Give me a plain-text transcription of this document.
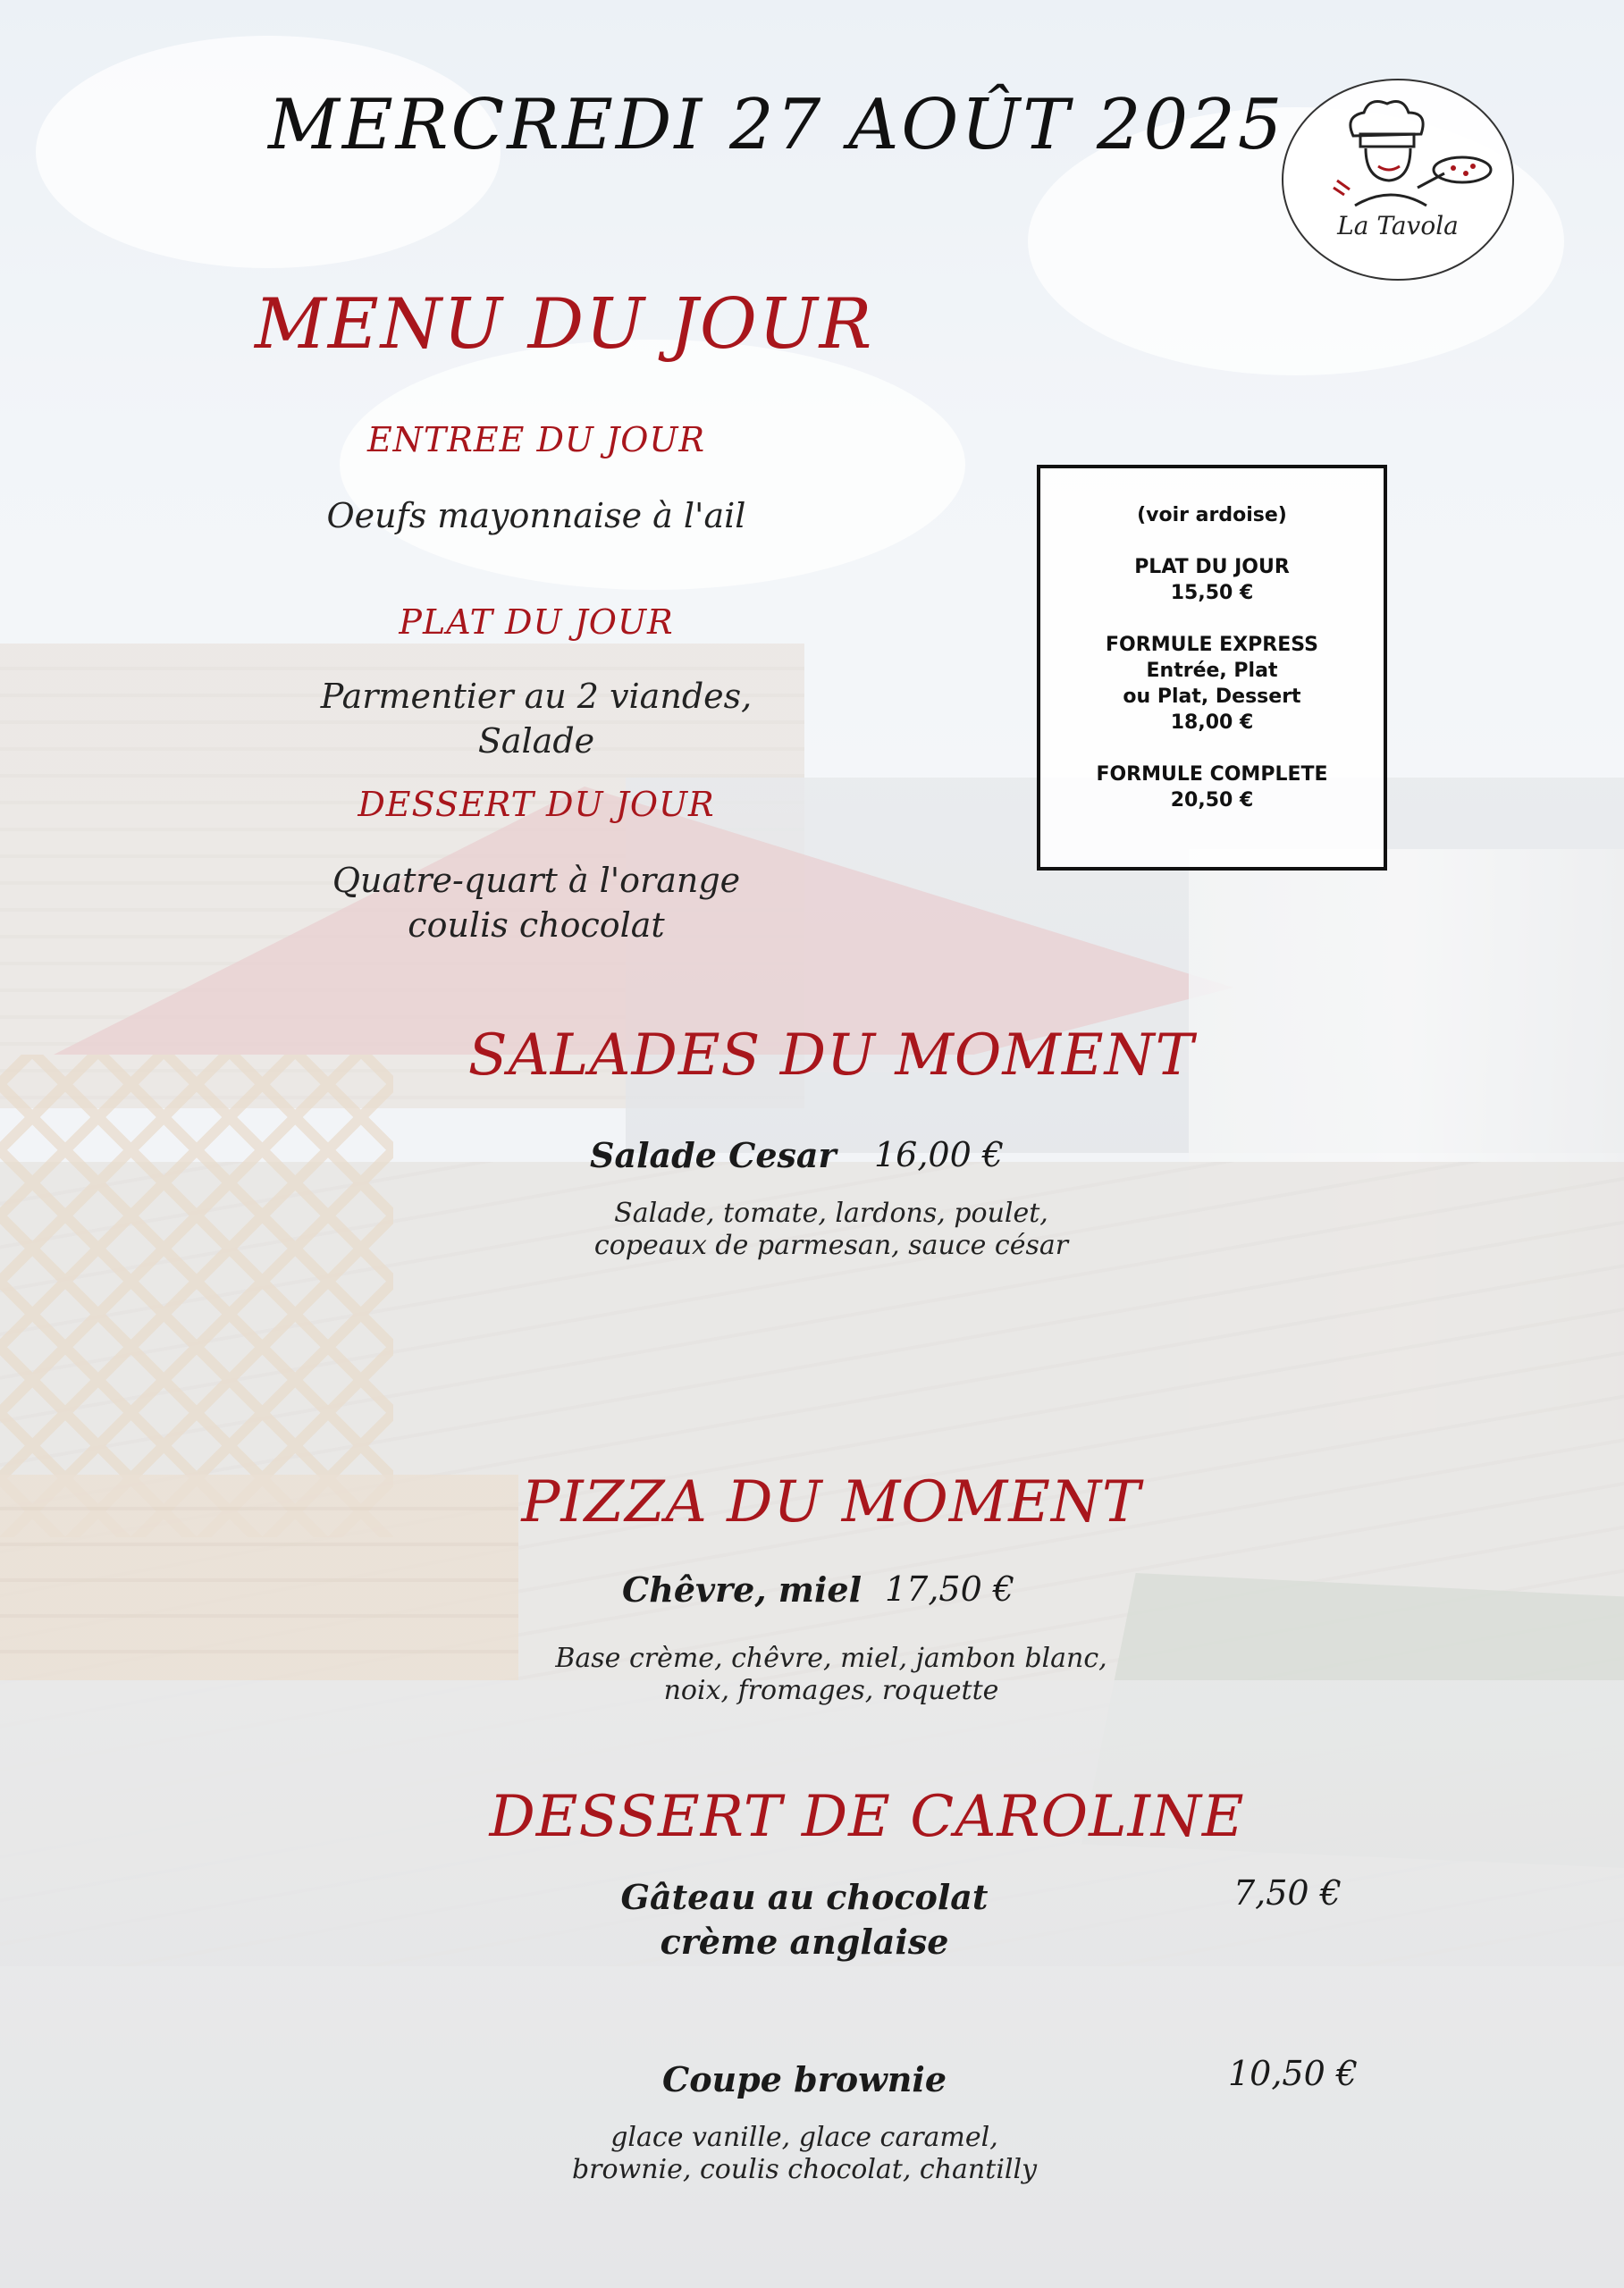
MERCREDI 27 AOÛT 2025
La Tavola
MENU DU JOUR
ENTREE DU JOUR
Oeufs mayonnaise à l'ail
PLAT DU JOUR
Parmentier au 2 viandes,
Salade
DESSERT DU JOUR
Quatre-quart à l'orange
coulis chocolat
(voir ardoise)
PLAT DU JOUR
15,50 €
FORMULE EXPRESS
Entrée, Plat
ou Plat, Dessert
18,00 €
FORMULE COMPLETE
20,50 €
SALADES DU MOMENT
Salade Cesar 16,00 €
Salade, tomate, lardons, poulet,
copeaux de parmesan, sauce césar
PIZZA DU MOMENT
Chêvre, miel 17,50 €
Base crème, chêvre, miel, jambon blanc,
noix, fromages, roquette
DESSERT DE CAROLINE
Gâteau au chocolat
crème anglaise
7,50 €
Coupe brownie	10,50 €
glace vanille, glace caramel,
brownie, coulis chocolat, chantilly
